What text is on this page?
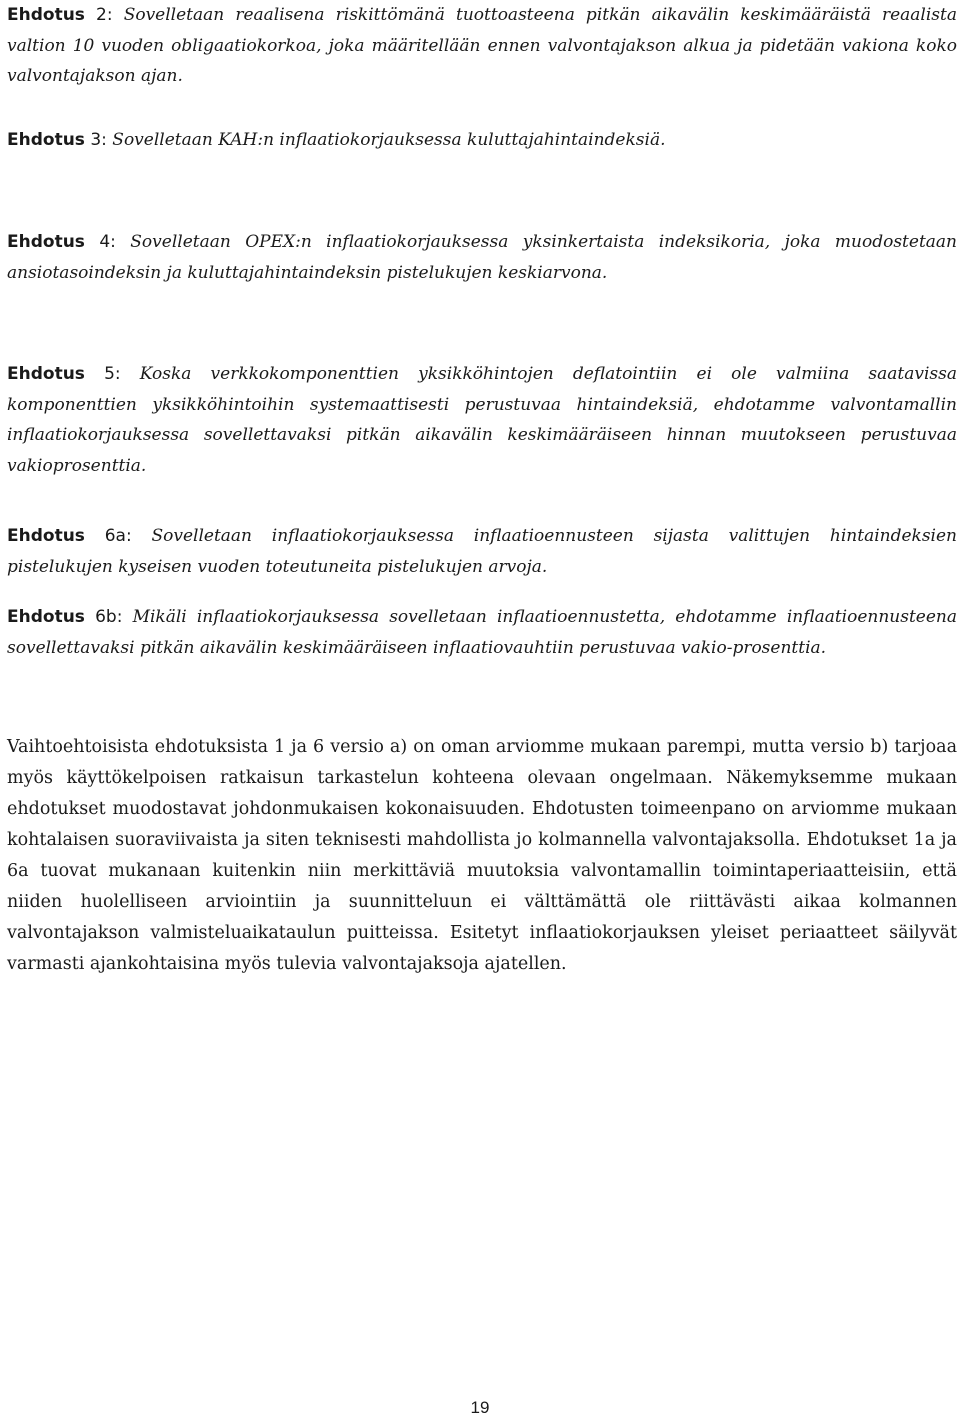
Ehdotus 2: Sovelletaan reaalisena riskittömänä tuottoasteena pitkän aikavälin keskimääräistä reaalista valtion 10 vuoden obligaatiokorkoa, joka määritellään ennen valvontajakson alkua ja pidetään vakiona koko valvontajakson ajan.

Ehdotus 3: Sovelletaan KAH:n inflaatiokorjauksessa kuluttajahintaindeksiä.

Ehdotus 4: Sovelletaan OPEX:n inflaatiokorjauksessa yksinkertaista indeksikoria, joka muodostetaan ansiotasoindeksin ja kuluttajahintaindeksin pistelukujen keskiarvona.

Ehdotus 5: Koska verkkokomponenttien yksikköhintojen deflatointiin ei ole valmiina saatavissa komponenttien yksikköhintoihin systemaattisesti perustuvaa hintaindeksiä, ehdotamme valvontamallin inflaatiokorjauksessa sovellettavaksi pitkän aikavälin keskimääräiseen hinnan muutokseen perustuvaa vakioprosenttia.

Ehdotus 6a: Sovelletaan inflaatiokorjauksessa inflaatioennusteen sijasta valittujen hintaindeksien pistelukujen kyseisen vuoden toteutuneita pistelukujen arvoja.

Ehdotus 6b: Mikäli inflaatiokorjauksessa sovelletaan inflaatioennustetta, ehdotamme inflaatioennusteena sovellettavaksi pitkän aikavälin keskimääräiseen inflaatiovauhtiin perustuvaa vakio-prosenttia.

Vaihtoehtoisista ehdotuksista 1 ja 6 versio a) on oman arviomme mukaan parempi, mutta versio b) tarjoaa myös käyttökelpoisen ratkaisun tarkastelun kohteena olevaan ongelmaan. Näkemyksemme mukaan ehdotukset muodostavat johdonmukaisen kokonaisuuden. Ehdotusten toimeenpano on arviomme mukaan kohtalaisen suoraviivaista ja siten teknisesti mahdollista jo kolmannella valvontajaksolla. Ehdotukset 1a ja 6a tuovat mukanaan kuitenkin niin merkittäviä muutoksia valvontamallin toimintaperiaatteisiin, että niiden huolelliseen arviointiin ja suunnitteluun ei välttämättä ole riittävästi aikaa kolmannen valvontajakson valmisteluaikataulun puitteissa. Esitetyt inflaatiokorjauksen yleiset periaatteet säilyvät varmasti ajankohtaisina myös tulevia valvontajaksoja ajatellen.

19
